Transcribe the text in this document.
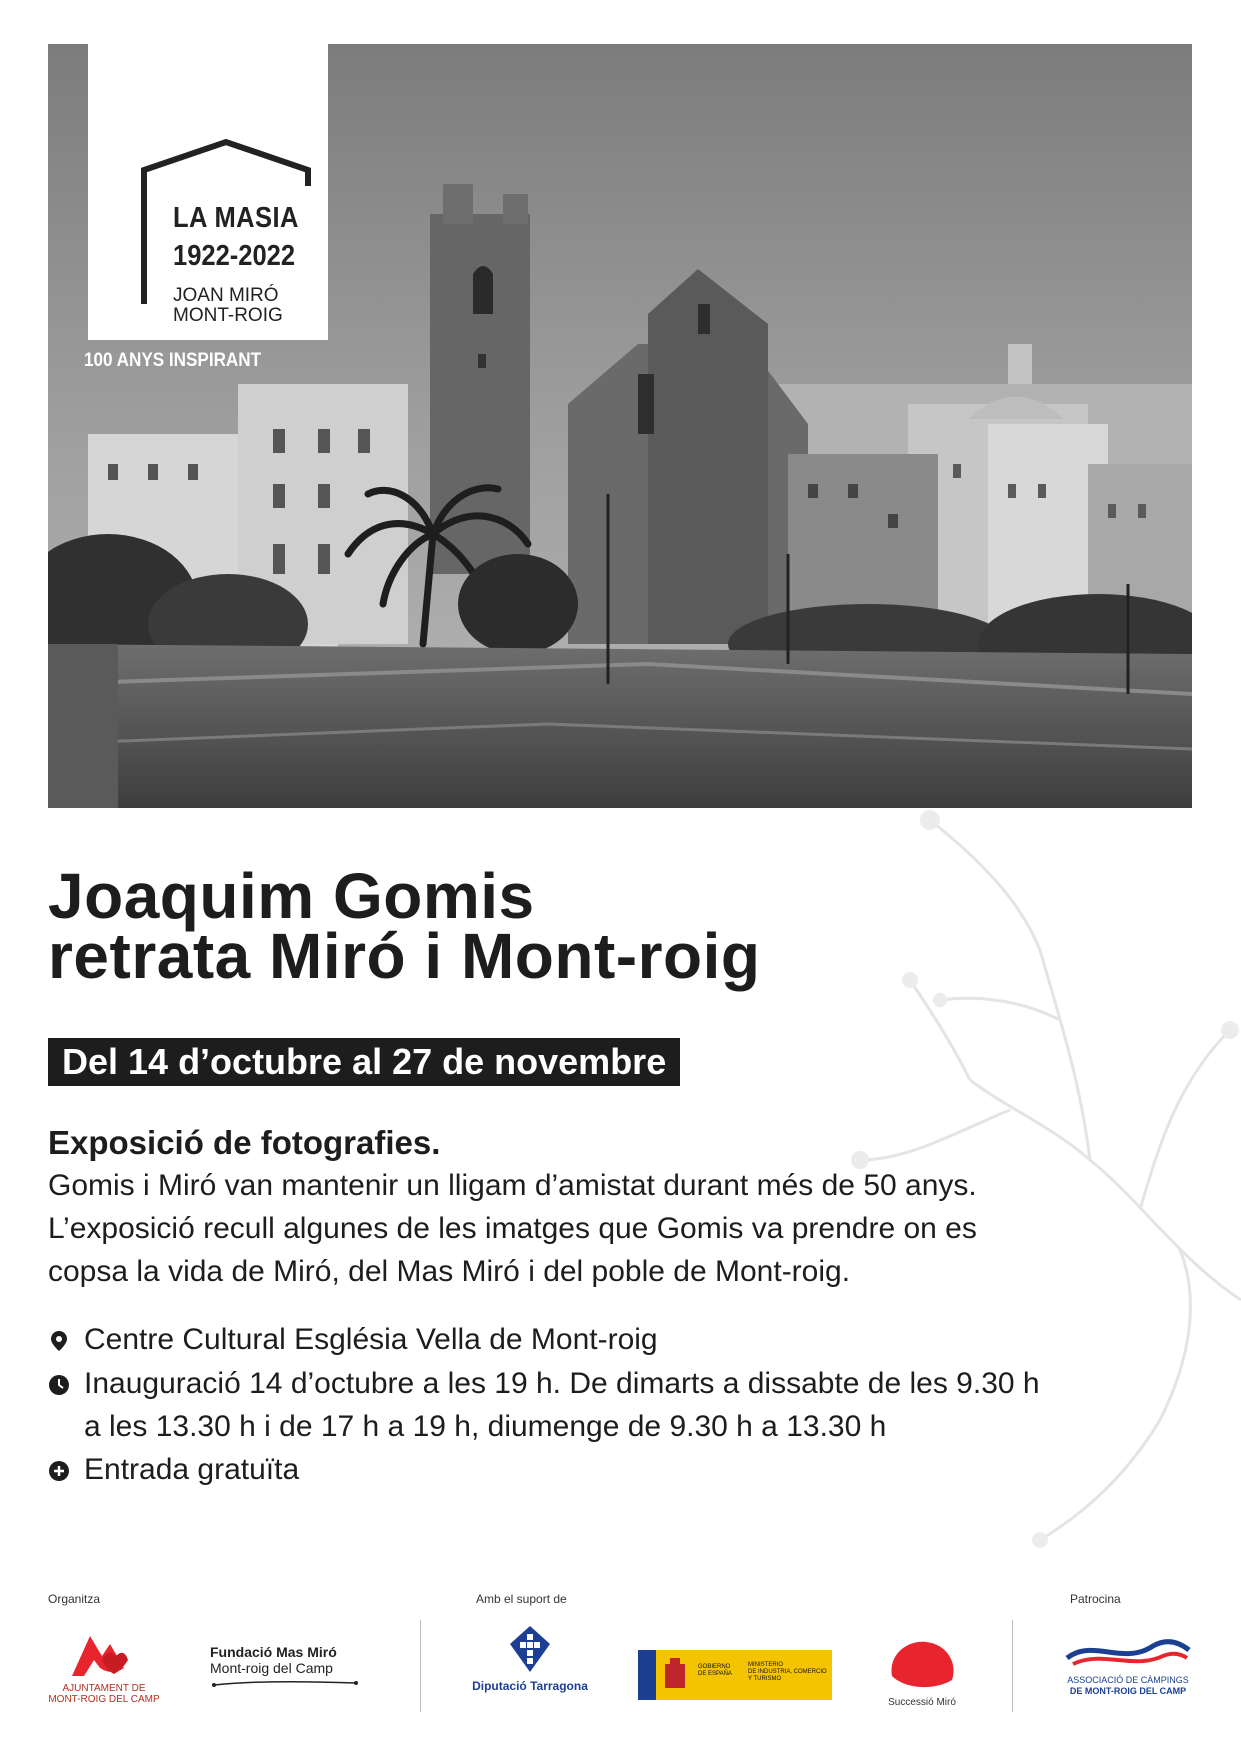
LA MASIA
1922-2022
JOAN MIRÓ
MONT-ROIG
100 ANYS INSPIRANT
Joaquim Gomis
retrata Miró i Mont-roig
Del 14 d’octubre al 27 de novembre
Exposició de fotografies.
Gomis i Miró van mantenir un lligam d’amistat durant més de 50 anys.
L’exposició recull algunes de les imatges que Gomis va prendre on es
copsa la vida de Miró, del Mas Miró i del poble de Mont-roig.
Centre Cultural Església Vella de Mont-roig
Inauguració 14 d’octubre a les 19 h. De dimarts a dissabte de les 9.30 h
a les 13.30 h i de 17 h a 19 h, diumenge de 9.30 h a 13.30 h
Entrada gratuïta
Organitza	Amb el suport de	Patrocina
AJUNTAMENT DE
MONT-ROIG DEL CAMP
Fundació Mas Miró
Mont-roig del Camp
Diputació Tarragona
GOBIERNO
DE ESPAÑA
MINISTERIO
DE INDUSTRIA, COMERCIO
Y TURISMO
Successió Miró
ASSOCIACIÓ DE CÀMPINGS
DE MONT-ROIG DEL CAMP
